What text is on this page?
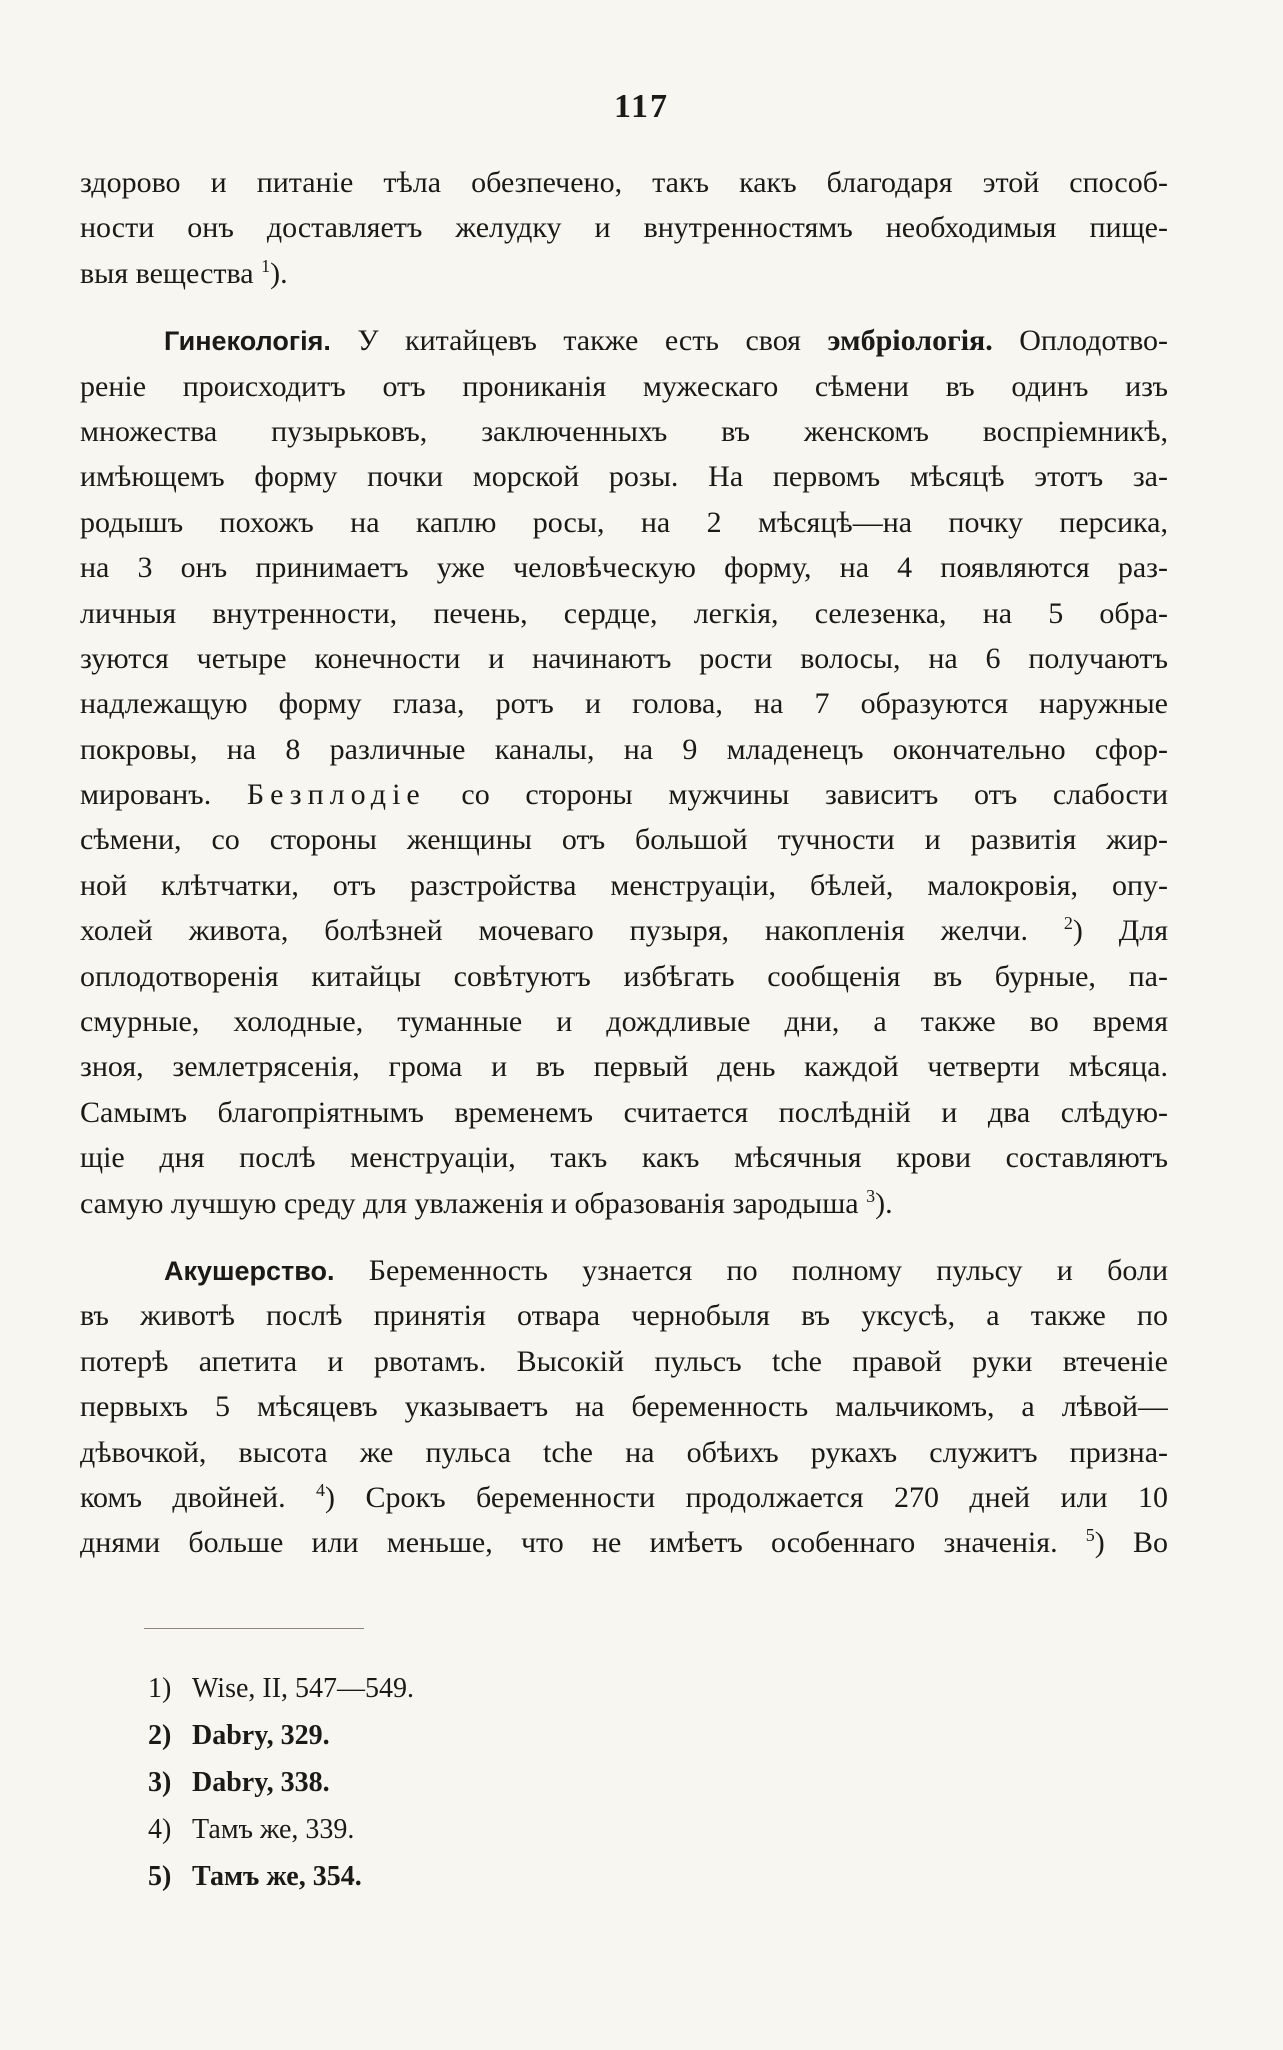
117
здорово и питаніе тѣла обезпечено, такъ какъ благодаря этой способ-
ности онъ доставляетъ желудку и внутренностямъ необходимыя пище-
выя вещества $^1$).
Гинекологія. У китайцевъ также есть своя эмбріологія. Оплодотво-
реніе происходитъ отъ прониканія мужескаго сѣмени въ одинъ изъ
множества пузырьковъ, заключенныхъ въ женскомъ воспріемникѣ,
имѣющемъ форму почки морской розы. На первомъ мѣсяцѣ этотъ за-
родышъ похожъ на каплю росы, на 2 мѣсяцѣ—на почку персика,
на 3 онъ принимаетъ уже человѣческую форму, на 4 появляются раз-
личныя внутренности, печень, сердце, легкія, селезенка, на 5 обра-
зуются четыре конечности и начинаютъ рости волосы, на 6 получаютъ
надлежащую форму глаза, ротъ и голова, на 7 образуются наружные
покровы, на 8 различные каналы, на 9 младенецъ окончательно сфор-
мированъ. Безплодіе со стороны мужчины зависитъ отъ слабости
сѣмени, со стороны женщины отъ большой тучности и развитія жир-
ной клѣтчатки, отъ разстройства менструаціи, бѣлей, малокровія, опу-
холей живота, болѣзней мочеваго пузыря, накопленія желчи. $^2$) Для
оплодотворенія китайцы совѣтуютъ избѣгать сообщенія въ бурные, па-
смурные, холодные, туманные и дождливые дни, а также во время
зноя, землетрясенія, грома и въ первый день каждой четверти мѣсяца.
Самымъ благопріятнымъ временемъ считается послѣдній и два слѣдую-
щіе дня послѣ менструаціи, такъ какъ мѣсячныя крови составляютъ
самую лучшую среду для увлаженія и образованія зародыша $^3$).
Акушерство. Беременность узнается по полному пульсу и боли
въ животѣ послѣ принятія отвара чернобыля въ уксусѣ, а также по
потерѣ апетита и рвотамъ. Высокій пульсъ tche правой руки втеченіе
первыхъ 5 мѣсяцевъ указываетъ на беременность мальчикомъ, а лѣвой—
дѣвочкой, высота же пульса tche на обѣихъ рукахъ служитъ призна-
комъ двойней. $^4$) Срокъ беременности продолжается 270 дней или 10
днями больше или меньше, что не имѣетъ особеннаго значенія. $^5$) Во
1) Wise, II, 547—549.
2) Dabry, 329.
3) Dabry, 338.
4) Тамъ же, 339.
5) Тамъ же, 354.
